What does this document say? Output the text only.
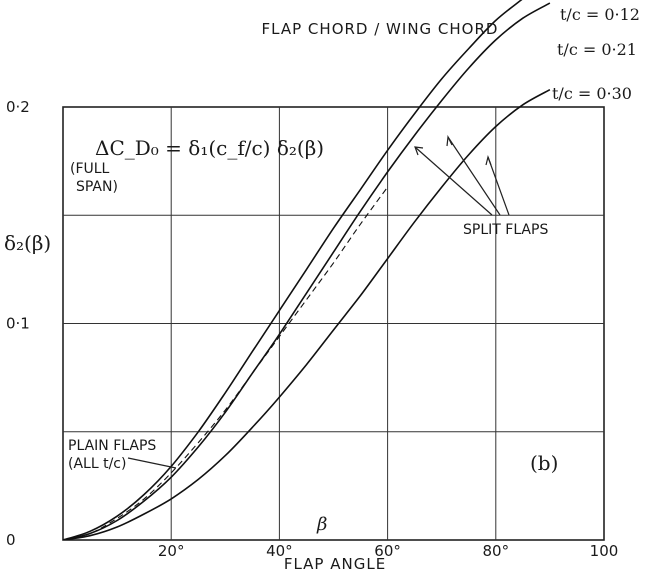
20°	40°	60°	80°	100
0
0·1
0·2
FLAP CHORD / WING CHORD
t/c = 0·12
t/c = 0·21
t/c = 0·30
ΔC_D₀ = δ₁(c_f/c) δ₂(β)
(FULL
SPAN)
δ₂(β)
FLAP ANGLE
SPLIT FLAPS
PLAIN FLAPS
(ALL t/c)	(b)
β
